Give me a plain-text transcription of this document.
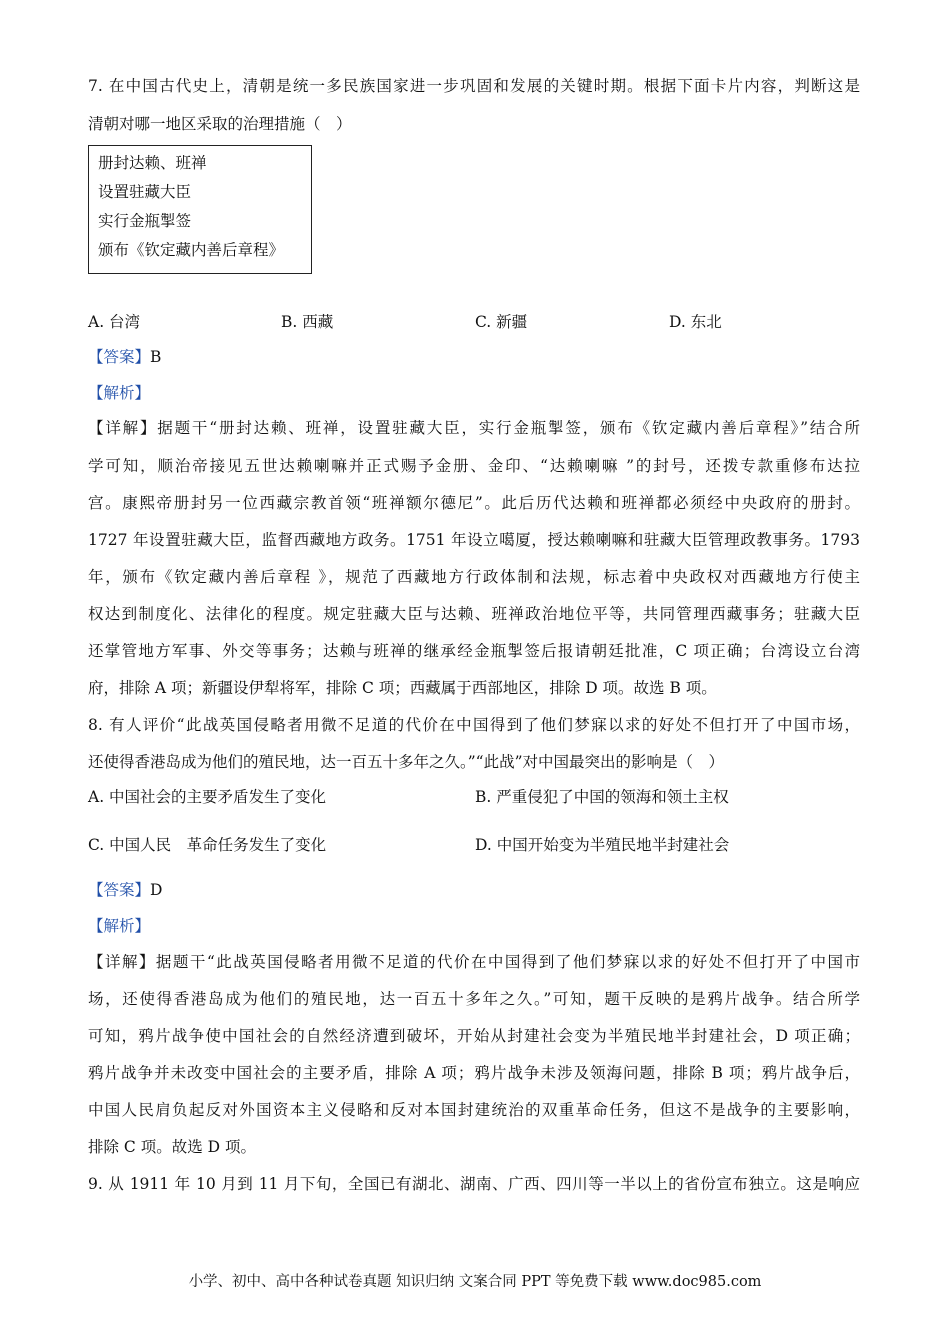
7. 在中国古代史上，清朝是统一多民族国家进一步巩固和发展的关键时期。根据下面卡片内容，判断这是
清朝对哪一地区采取的治理措施（　）
册封达赖、班禅
设置驻藏大臣
实行金瓶掣签
颁布《钦定藏内善后章程》
A. 台湾	B. 西藏	C. 新疆	D. 东北
【答案】B
【解析】
【详解】据题干“册封达赖、班禅，设置驻藏大臣，实行金瓶掣签，颁布《钦定藏内善后章程》”结合所
学可知，顺治帝接见五世达赖喇嘛并正式赐予金册、金印、“达赖喇嘛 ”的封号，还拨专款重修布达拉
宫。康熙帝册封另一位西藏宗教首领“班禅额尔德尼”。此后历代达赖和班禅都必须经中央政府的册封。
1727 年设置驻藏大臣，监督西藏地方政务。1751 年设立噶厦，授达赖喇嘛和驻藏大臣管理政教事务。1793
年，颁布《钦定藏内善后章程 》，规范了西藏地方行政体制和法规，标志着中央政权对西藏地方行使主
权达到制度化、法律化的程度。规定驻藏大臣与达赖、班禅政治地位平等，共同管理西藏事务；驻藏大臣
还掌管地方军事、外交等事务；达赖与班禅的继承经金瓶掣签后报请朝廷批准，C 项正确；台湾设立台湾
府，排除 A 项；新疆设伊犁将军，排除 C 项；西藏属于西部地区，排除 D 项。故选 B 项。
8. 有人评价“此战英国侵略者用微不足道的代价在中国得到了他们梦寐以求的好处不但打开了中国市场，
还使得香港岛成为他们的殖民地，达一百五十多年之久。”“此战”对中国最突出的影响是（　）
A. 中国社会的主要矛盾发生了变化	B. 严重侵犯了中国的领海和领土主权
C. 中国人民　革命任务发生了变化	D. 中国开始变为半殖民地半封建社会
【答案】D
【解析】
【详解】据题干“此战英国侵略者用微不足道的代价在中国得到了他们梦寐以求的好处不但打开了中国市
场，还使得香港岛成为他们的殖民地，达一百五十多年之久。”可知，题干反映的是鸦片战争。结合所学
可知，鸦片战争使中国社会的自然经济遭到破坏，开始从封建社会变为半殖民地半封建社会，D 项正确；
鸦片战争并未改变中国社会的主要矛盾，排除 A 项；鸦片战争未涉及领海问题，排除 B 项；鸦片战争后，
中国人民肩负起反对外国资本主义侵略和反对本国封建统治的双重革命任务，但这不是战争的主要影响，
排除 C 项。故选 D 项。
9. 从 1911 年 10 月到 11 月下旬，全国已有湖北、湖南、广西、四川等一半以上的省份宣布独立。这是响应
小学、初中、高中各种试卷真题 知识归纳 文案合同 PPT 等免费下载 www.doc985.com
